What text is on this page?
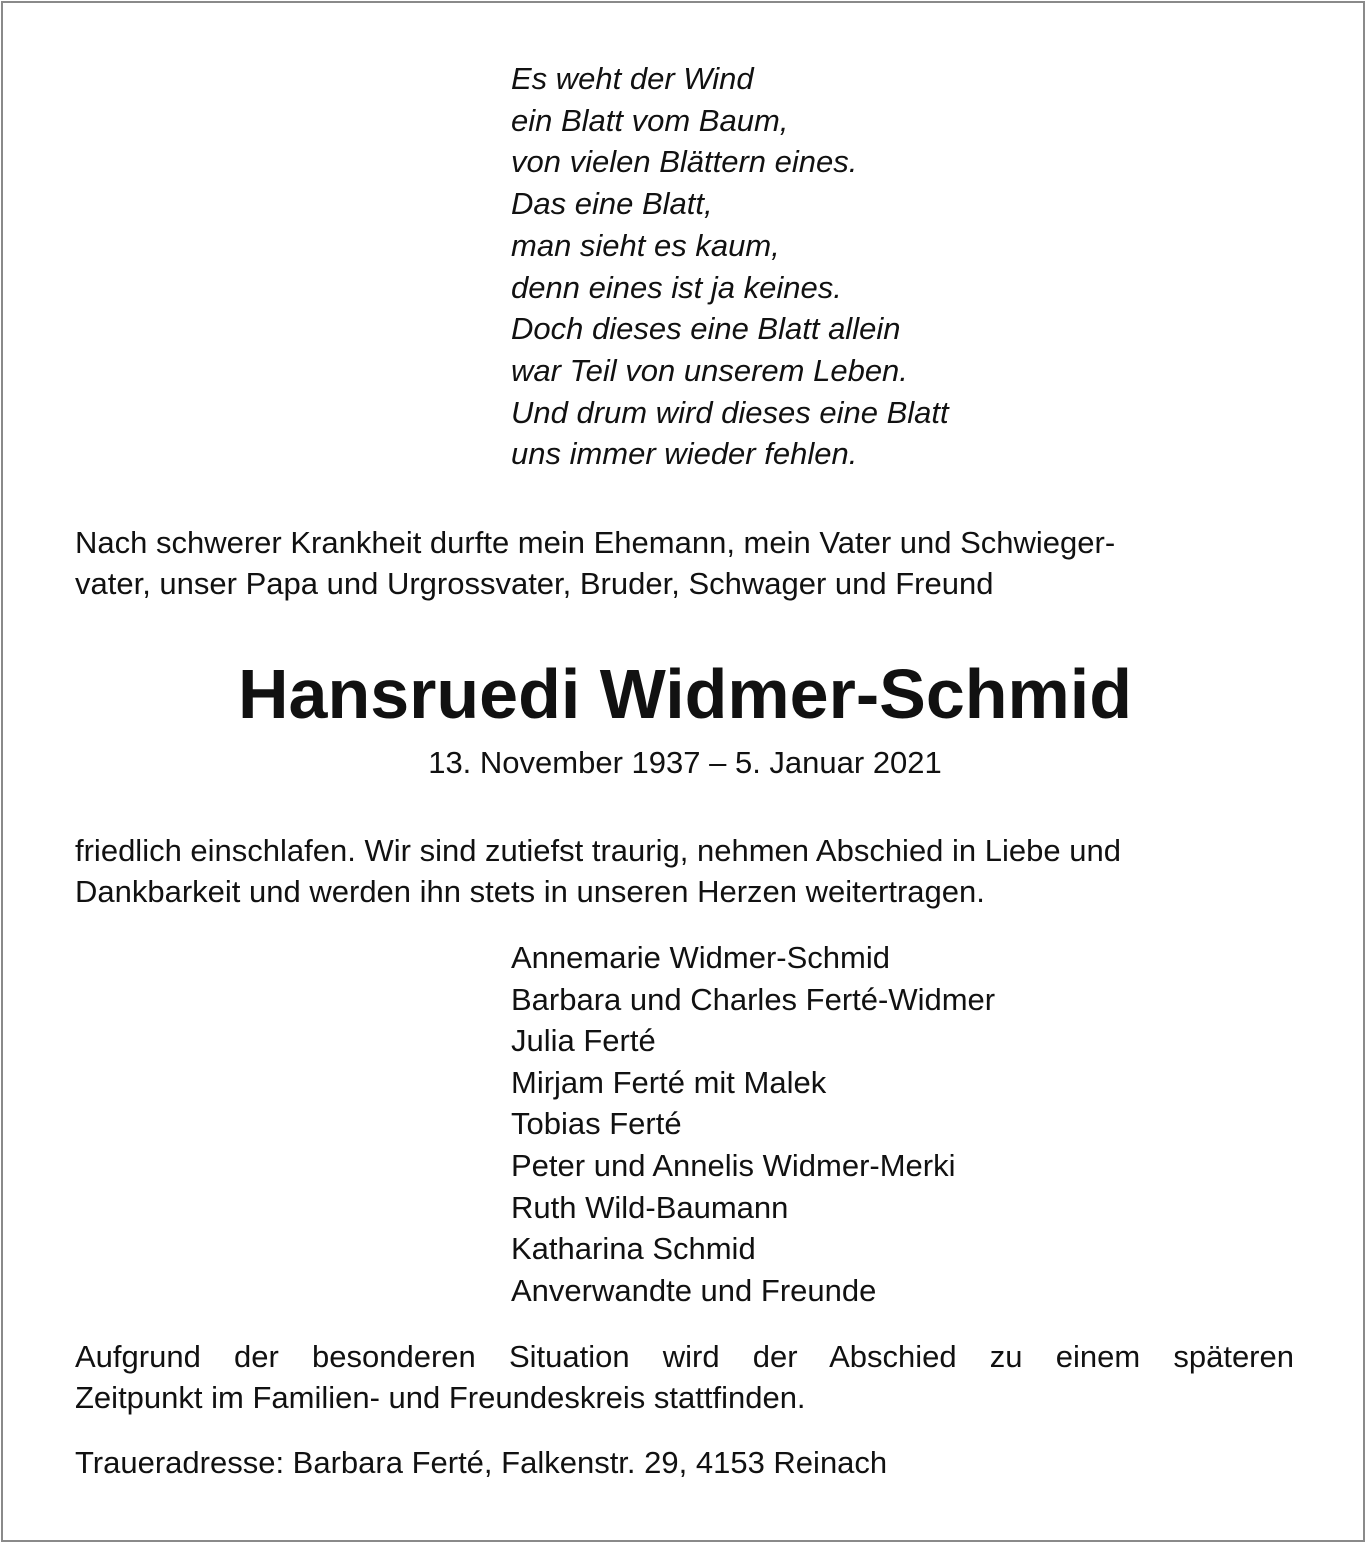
Es weht der Wind
ein Blatt vom Baum,
von vielen Blättern eines.
Das eine Blatt,
man sieht es kaum,
denn eines ist ja keines.
Doch dieses eine Blatt allein
war Teil von unserem Leben.
Und drum wird dieses eine Blatt
uns immer wieder fehlen.

Nach schwerer Krankheit durfte mein Ehemann, mein Vater und Schwieger-
vater, unser Papa und Urgrossvater, Bruder, Schwager und Freund

Hansruedi Widmer-Schmid

13. November 1937 – 5. Januar 2021

friedlich einschlafen. Wir sind zutiefst traurig, nehmen Abschied in Liebe und
Dankbarkeit und werden ihn stets in unseren Herzen weitertragen.

Annemarie Widmer-Schmid
Barbara und Charles Ferté-Widmer
Julia Ferté
Mirjam Ferté mit Malek
Tobias Ferté
Peter und Annelis Widmer-Merki
Ruth Wild-Baumann
Katharina Schmid
Anverwandte und Freunde

Aufgrund der besonderen Situation wird der Abschied zu einem späteren
Zeitpunkt im Familien- und Freundeskreis stattfinden.

Traueradresse: Barbara Ferté, Falkenstr. 29, 4153 Reinach
